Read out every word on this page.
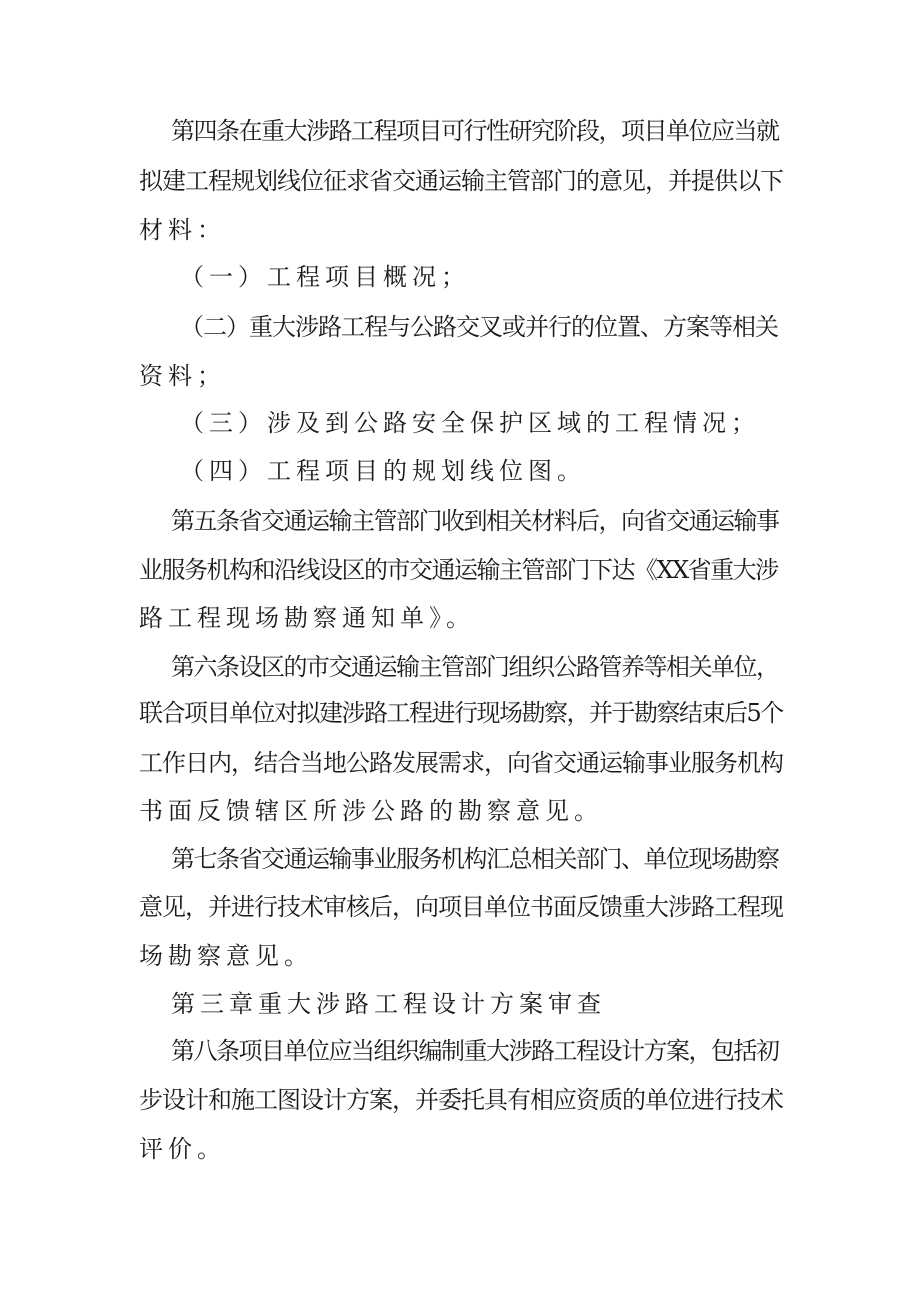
第四条在重大涉路工程项目可行性研究阶段，项目单位应当就
拟建工程规划线位征求省交通运输主管部门的意见，并提供以下
材料：
（一）工程项目概况；
（二）重大涉路工程与公路交叉或并行的位置、方案等相关
资料；
（三）涉及到公路安全保护区域的工程情况；
（四）工程项目的规划线位图。
第五条省交通运输主管部门收到相关材料后，向省交通运输事
业服务机构和沿线设区的市交通运输主管部门下达《XX省重大涉
路工程现场勘察通知单》。
第六条设区的市交通运输主管部门组织公路管养等相关单位，
联合项目单位对拟建涉路工程进行现场勘察，并于勘察结束后5个
工作日内，结合当地公路发展需求，向省交通运输事业服务机构
书面反馈辖区所涉公路的勘察意见。
第七条省交通运输事业服务机构汇总相关部门、单位现场勘察
意见，并进行技术审核后，向项目单位书面反馈重大涉路工程现
场勘察意见。
第三章重大涉路工程设计方案审查
第八条项目单位应当组织编制重大涉路工程设计方案，包括初
步设计和施工图设计方案，并委托具有相应资质的单位进行技术
评价。
